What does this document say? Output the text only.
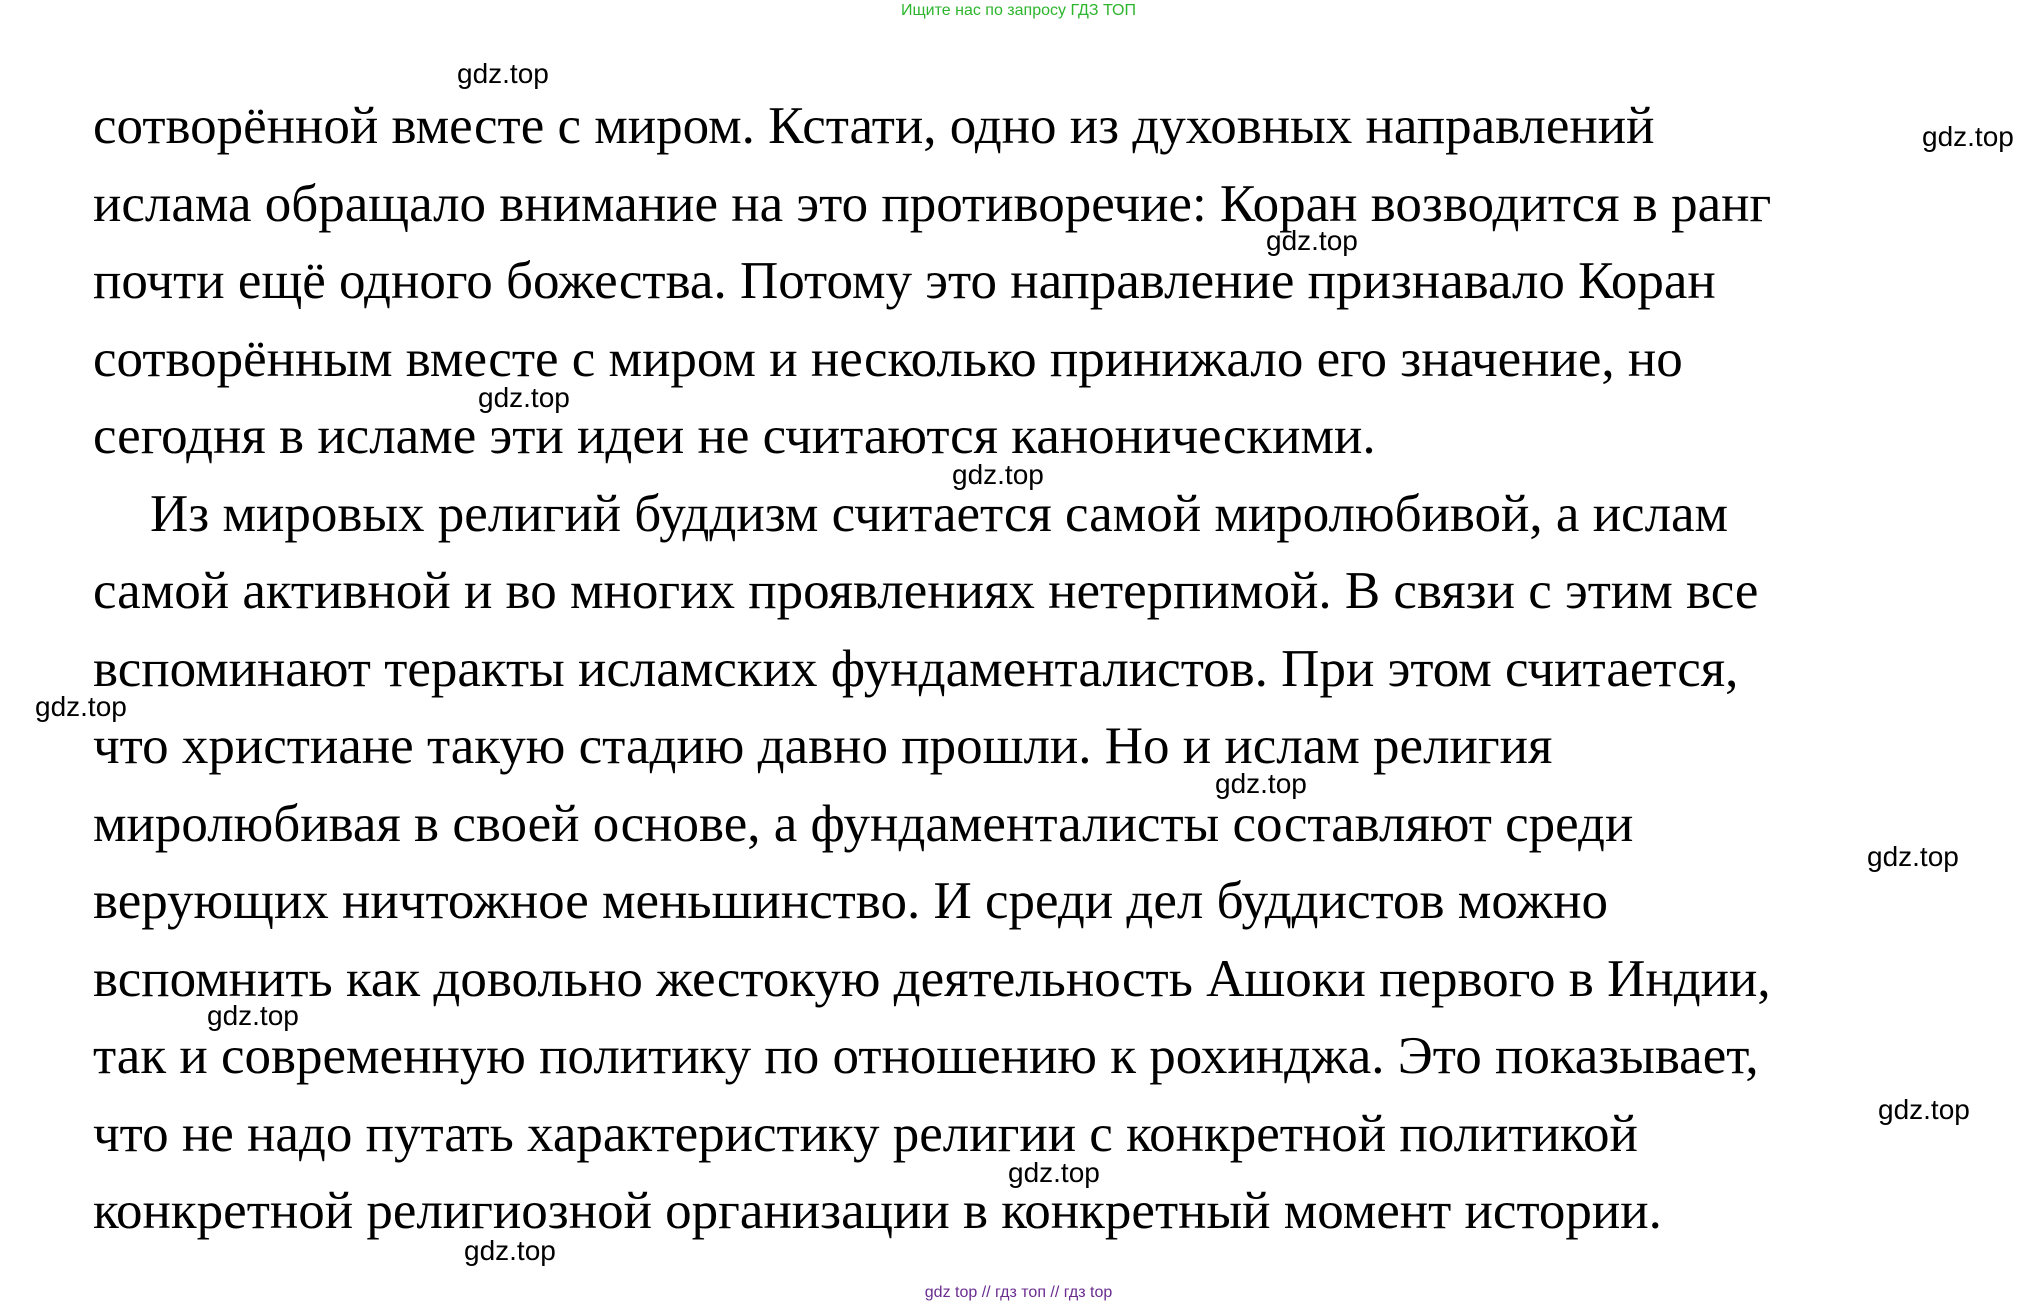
Ищите нас по запросу ГДЗ ТОП
сотворённой вместе с миром. Кстати, одно из духовных направлений
ислама обращало внимание на это противоречие: Коран возводится в ранг
почти ещё одного божества. Потому это направление признавало Коран
сотворённым вместе с миром и несколько принижало его значение, но
сегодня в исламе эти идеи не считаются каноническими.
Из мировых религий буддизм считается самой миролюбивой, а ислам
самой активной и во многих проявлениях нетерпимой. В связи с этим все
вспоминают теракты исламских фундаменталистов. При этом считается,
что христиане такую стадию давно прошли. Но и ислам религия
миролюбивая в своей основе, а фундаменталисты составляют среди
верующих ничтожное меньшинство. И среди дел буддистов можно
вспомнить как довольно жестокую деятельность Ашоки первого в Индии,
так и современную политику по отношению к рохинджа. Это показывает,
что не надо путать характеристику религии с конкретной политикой
конкретной религиозной организации в конкретный момент истории.
gdz.top
gdz.top
gdz.top
gdz.top
gdz.top
gdz.top
gdz.top
gdz.top
gdz.top
gdz.top
gdz.top
gdz.top
gdz top // гдз топ // гдз top
